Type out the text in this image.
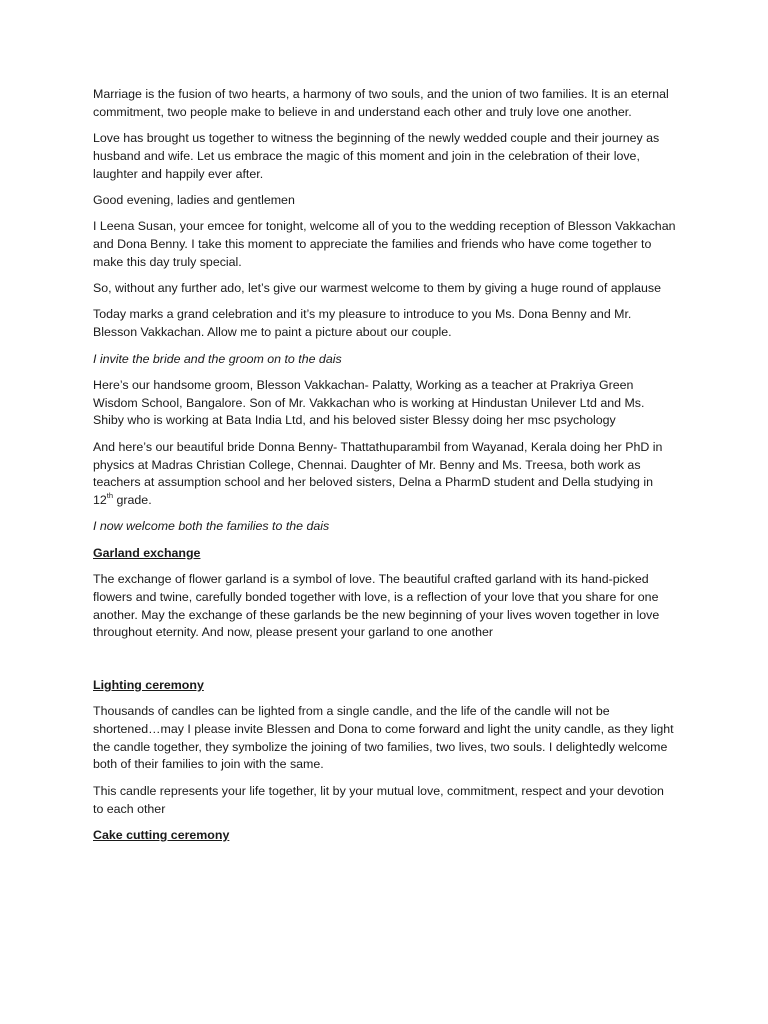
Marriage is the fusion of two hearts, a harmony of two souls, and the union of two families. It is an eternal commitment, two people make to believe in and understand each other and truly love one another.

Love has brought us together to witness the beginning of the newly wedded couple and their journey as husband and wife. Let us embrace the magic of this moment and join in the celebration of their love, laughter and happily ever after.

Good evening, ladies and gentlemen

I Leena Susan, your emcee for tonight, welcome all of you to the wedding reception of Blesson Vakkachan and Dona Benny. I take this moment to appreciate the families and friends who have come together to make this day truly special.

So, without any further ado, let’s give our warmest welcome to them by giving a huge round of applause

Today marks a grand celebration and it’s my pleasure to introduce to you Ms. Dona Benny and Mr. Blesson Vakkachan. Allow me to paint a picture about our couple.

I invite the bride and the groom on to the dais

Here’s our handsome groom, Blesson Vakkachan- Palatty, Working as a teacher at Prakriya Green Wisdom School, Bangalore. Son of Mr. Vakkachan who is working at Hindustan Unilever Ltd and Ms. Shiby who is working at Bata India Ltd, and his beloved sister Blessy doing her msc psychology

And here’s our beautiful bride Donna Benny- Thattathuparambil from Wayanad, Kerala doing her PhD in physics at Madras Christian College, Chennai. Daughter of Mr. Benny and Ms. Treesa, both work as teachers at assumption school and her beloved sisters, Delna a PharmD student and Della studying in 12th grade.

I now welcome both the families to the dais

Garland exchange

The exchange of flower garland is a symbol of love. The beautiful crafted garland with its hand-picked flowers and twine, carefully bonded together with love, is a reflection of your love that you share for one another. May the exchange of these garlands be the new beginning of your lives woven together in love throughout eternity. And now, please present your garland to one another

Lighting ceremony

Thousands of candles can be lighted from a single candle, and the life of the candle will not be shortened…may I please invite Blessen and Dona to come forward and light the unity candle, as they light the candle together, they symbolize the joining of two families, two lives, two souls. I delightedly welcome both of their families to join with the same.

This candle represents your life together, lit by your mutual love, commitment, respect and your devotion to each other

Cake cutting ceremony
